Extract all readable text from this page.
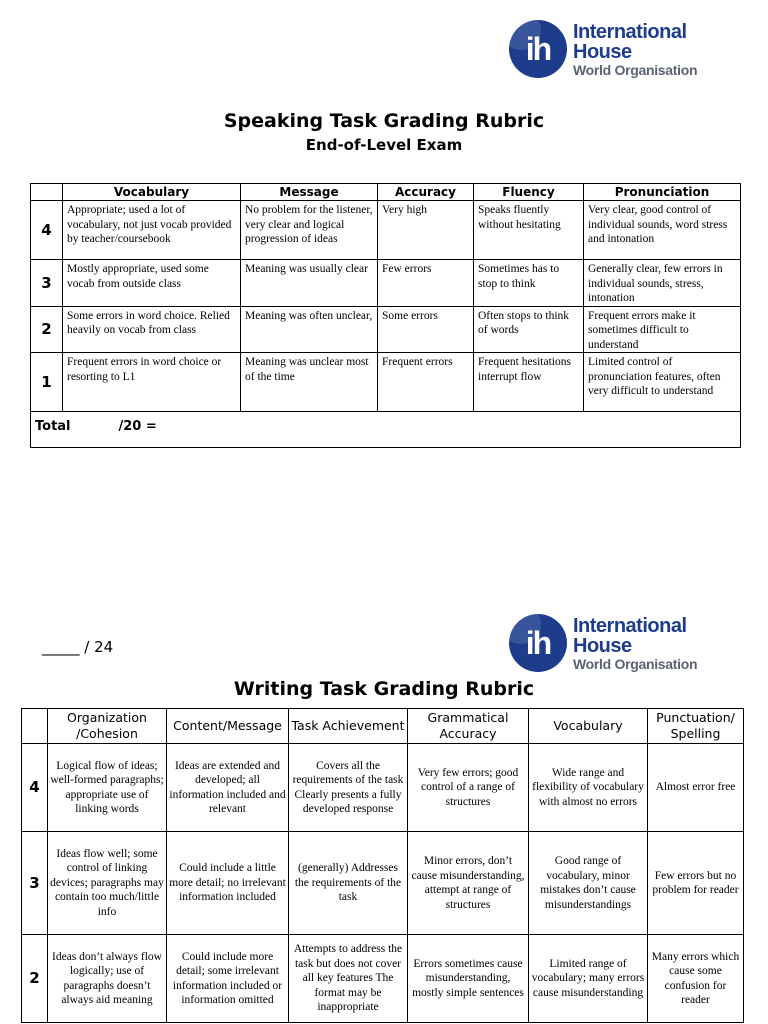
ih International
House
World Organisation
Speaking Task Grading Rubric
End-of-Level Exam
	Vocabulary	Message	Accuracy	Fluency	Pronunciation
4	Appropriate; used a lot of vocabulary, not just vocab provided by teacher/coursebook	No problem for the listener, very clear and logical progression of ideas	Very high	Speaks fluently without hesitating	Very clear, good control of individual sounds, word stress and intonation
3	Mostly appropriate, used some vocab from outside class	Meaning was usually clear	Few errors	Sometimes has to stop to think	Generally clear, few errors in individual sounds, stress, intonation
2	Some errors in word choice. Relied heavily on vocab from class	Meaning was often unclear,	Some errors	Often stops to think of words	Frequent errors make it sometimes difficult to understand
1	Frequent errors in word choice or resorting to L1	Meaning was unclear most of the time	Frequent errors	Frequent hesitations interrupt flow	Limited control of pronunciation features, often very difficult to understand
Total /20 =					
ih International
House
World Organisation
_____ / 24
Writing Task Grading Rubric
	Organization /Cohesion	Content/Message	Task Achievement	Grammatical Accuracy	Vocabulary	Punctuation/ Spelling
4	Logical flow of ideas; well-formed paragraphs; appropriate use of linking words	Ideas are extended and developed; all information included and relevant	Covers all the requirements of the task Clearly presents a fully developed response	Very few errors; good control of a range of structures	Wide range and flexibility of vocabulary with almost no errors	Almost error free
3	Ideas flow well; some control of linking devices; paragraphs may contain too much/little info	Could include a little more detail; no irrelevant information included	(generally) Addresses the requirements of the task	Minor errors, don’t cause misunderstanding, attempt at range of structures	Good range of vocabulary, minor mistakes don’t cause misunderstandings	Few errors but no problem for reader
2	Ideas don’t always flow logically; use of paragraphs doesn’t always aid meaning	Could include more detail; some irrelevant information included or information omitted	Attempts to address the task but does not cover all key features The format may be inappropriate	Errors sometimes cause misunderstanding, mostly simple sentences	Limited range of vocabulary; many errors cause misunderstanding	Many errors which cause some confusion for reader
